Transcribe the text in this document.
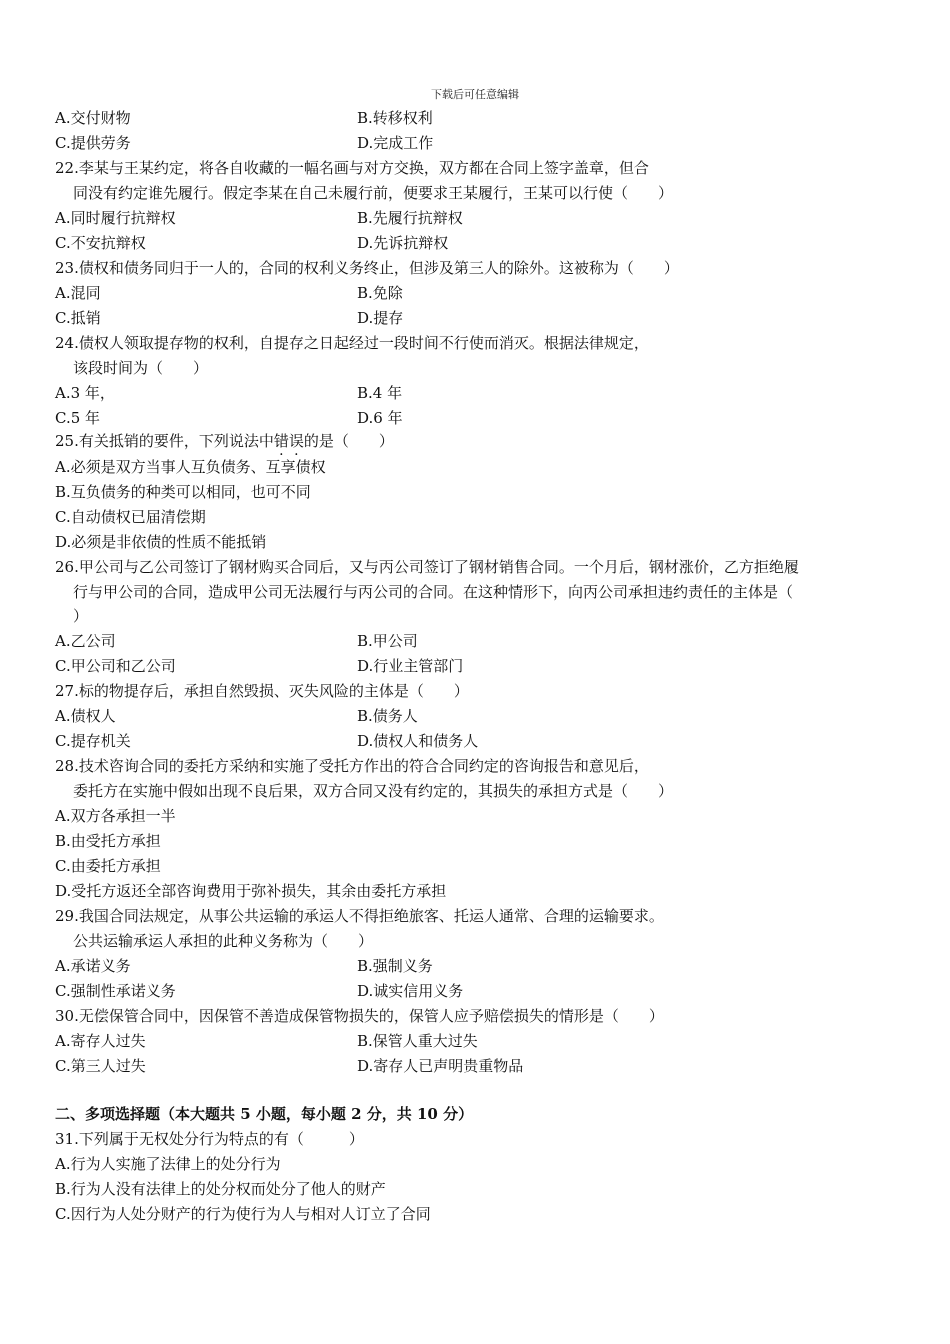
下载后可任意编辑
A.交付财物	B.转移权利
C.提供劳务	D.完成工作
22.李某与王某约定，将各自收藏的一幅名画与对方交换，双方都在合同上签字盖章，但合
同没有约定谁先履行。假定李某在自己未履行前，便要求王某履行，王某可以行使（　　）
A.同时履行抗辩权	B.先履行抗辩权
C.不安抗辩权	D.先诉抗辩权
23.债权和债务同归于一人的，合同的权利义务终止，但涉及第三人的除外。这被称为（　　）
A.混同	B.免除
C.抵销	D.提存
24.债权人领取提存物的权利，自提存之日起经过一段时间不行使而消灭。根据法律规定，
该段时间为（　　）
A.3 年，	B.4 年
C.5 年	D.6 年
25.有关抵销的要件，下列说法中错误的是（　　）
A.必须是双方当事人互负债务、互享债权
B.互负债务的种类可以相同，也可不同
C.自动债权已届清偿期
D.必须是非依债的性质不能抵销
26.甲公司与乙公司签订了钢材购买合同后，又与丙公司签订了钢材销售合同。一个月后，钢材涨价，乙方拒绝履
行与甲公司的合同，造成甲公司无法履行与丙公司的合同。在这种情形下，向丙公司承担违约责任的主体是（
）
A.乙公司	B.甲公司
C.甲公司和乙公司	D.行业主管部门
27.标的物提存后，承担自然毁损、灭失风险的主体是（　　）
A.债权人	B.债务人
C.提存机关	D.债权人和债务人
28.技术咨询合同的委托方采纳和实施了受托方作出的符合合同约定的咨询报告和意见后，
委托方在实施中假如出现不良后果，双方合同又没有约定的，其损失的承担方式是（　　）
A.双方各承担一半
B.由受托方承担
C.由委托方承担
D.受托方返还全部咨询费用于弥补损失，其余由委托方承担
29.我国合同法规定，从事公共运输的承运人不得拒绝旅客、托运人通常、合理的运输要求。
公共运输承运人承担的此种义务称为（　　）
A.承诺义务	B.强制义务
C.强制性承诺义务	D.诚实信用义务
30.无偿保管合同中，因保管不善造成保管物损失的，保管人应予赔偿损失的情形是（　　）
A.寄存人过失	B.保管人重大过失
C.第三人过失	D.寄存人已声明贵重物品
二、多项选择题（本大题共 5 小题，每小题 2 分，共 10 分）
31.下列属于无权处分行为特点的有（　　　）
A.行为人实施了法律上的处分行为
B.行为人没有法律上的处分权而处分了他人的财产
C.因行为人处分财产的行为使行为人与相对人订立了合同
